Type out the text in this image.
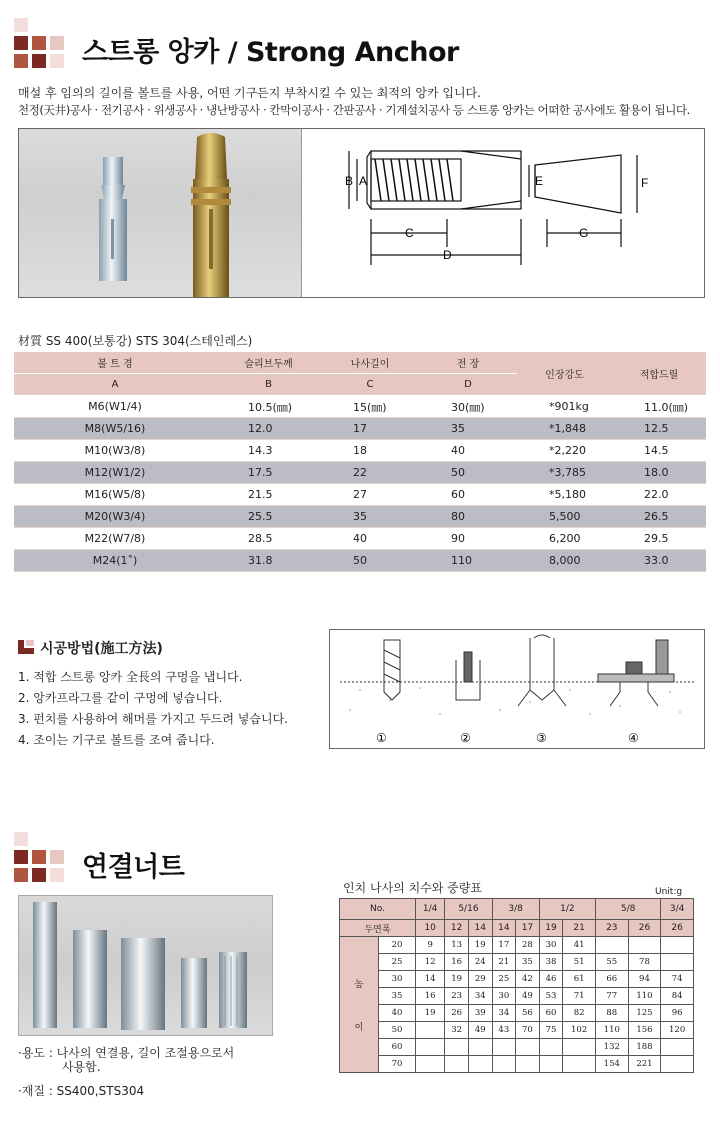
스트롱 앙카 / Strong Anchor
매설 후 임의의 길이를 볼트를 사용, 어떤 기구든지 부착시킬 수 있는 최적의 앙카 입니다.
천정(天井)공사 · 전기공사 · 위생공사 · 냉난방공사 · 칸막이공사 · 간판공사 · 기계설치공사 등 스트롱 앙카는 어떠한 공사에도 활용이 됩니다.
B A	E	F
C
D
G
材質 SS 400(보통강) STS 304(스테인레스)
볼 트 경	슬리브두께	나사길이	전 장	인장강도	적합드릴
A	B	C	D		
M6(W1/4)	10.5(㎜)	15(㎜)	30(㎜)	*901kg	11.0(㎜)
M8(W5/16)	12.0	17	35	*1,848	12.5
M10(W3/8)	14.3	18	40	*2,220	14.5
M12(W1/2)	17.5	22	50	*3,785	18.0
M16(W5/8)	21.5	27	60	*5,180	22.0
M20(W3/4)	25.5	35	80	5,500	26.5
M22(W7/8)	28.5	40	90	6,200	29.5
M24(1˚)	31.8	50	110	8,000	33.0
시공방법(施工方法)
1. 적합 스트롱 앙카 全長의 구멍을 냅니다.
2. 앙카프라그를 같이 구멍에 넣습니다.
3. 펀치를 사용하여 해머를 가지고 두드려 넣습니다.
4. 조이는 기구로 볼트를 조여 줍니다.	①	②	③	④
연결너트
·용도 : 나사의 연결용, 길이 조절용으로서
사용함.
·재질 : SS400,STS304
인치 나사의 치수와 중량표	Unit:g
No.		1/4	5/16		3/8		1/2		5/8		3/4
두면폭		10	12	14	14	17	19	21	23	26	26

높
이	20	9	13	19	17	28	30	41			
	25	12	16	24	21	35	38	51	55	78	
	30	14	19	29	25	42	46	61	66	94	74
	35	16	23	34	30	49	53	71	77	110	84
	40	19	26	39	34	56	60	82	88	125	96
	50		32	49	43	70	75	102	110	156	120
	60								132	188	
	70								154	221	
